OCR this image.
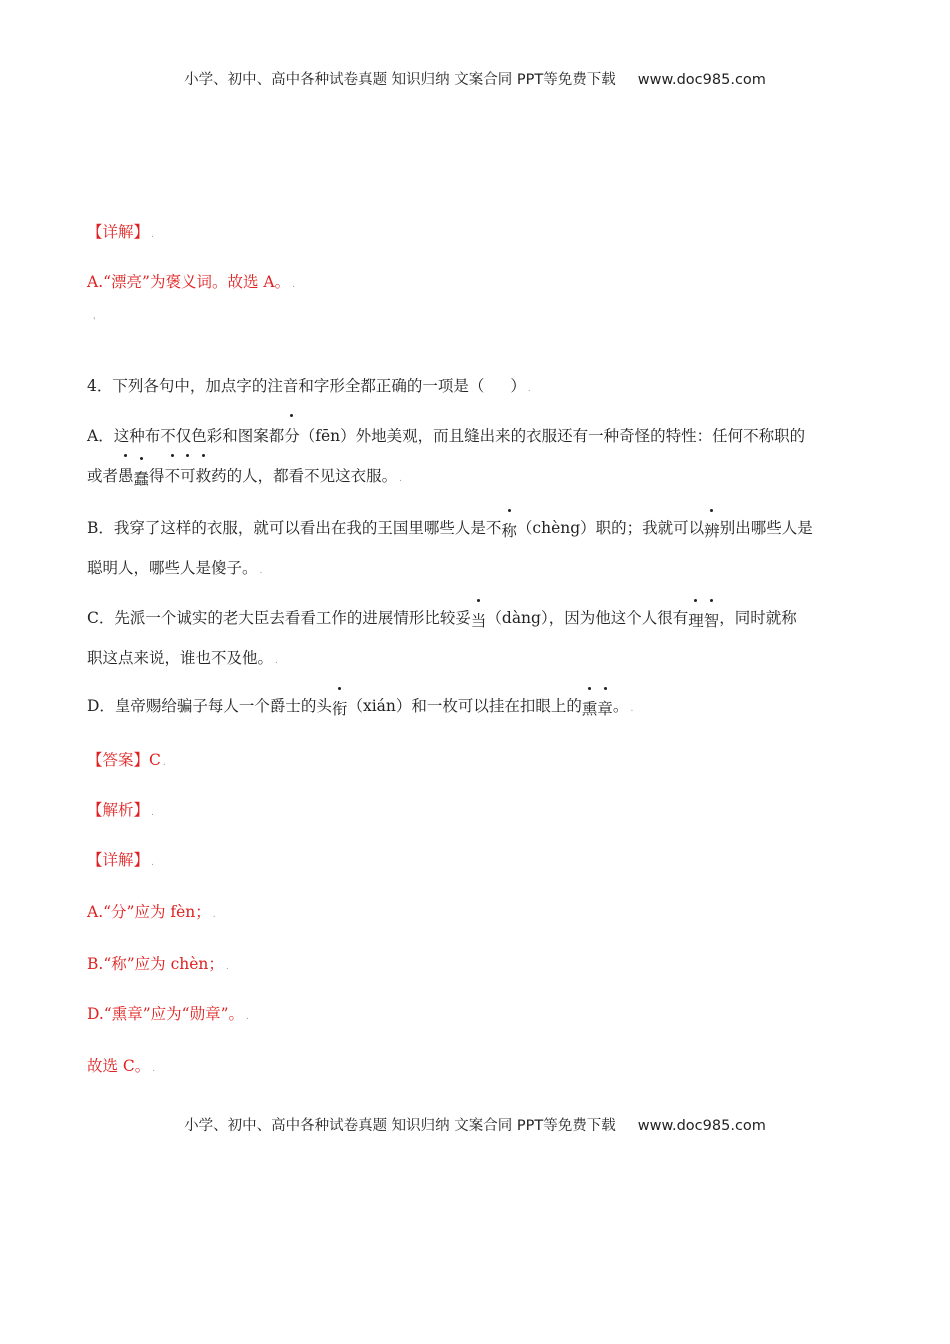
小学、初中、高中各种试卷真题 知识归纳 文案合同 PPT等免费下载 www.doc985.com
【详解】 .
A.“漂亮”为褒义词。故选 A。 .
'
4．下列各句中，加点字的注音和字形全都正确的一项是（ ） .
A．这种布不仅色彩和图案都分（fēn）外地美观，而且缝出来的衣服还有一种奇怪的特性：任何不称职的
或者愚蠢得不可救药的人，都看不见这衣服。 .
B．我穿了这样的衣服，就可以看出在我的王国里哪些人是不称（chèng）职的；我就可以辨别出哪些人是
聪明人，哪些人是傻子。 .
C．先派一个诚实的老大臣去看看工作的进展情形比较妥当（dàng），因为他这个人很有理智，同时就称
职这点来说，谁也不及他。 .
D．皇帝赐给骗子每人一个爵士的头衔（xián）和一枚可以挂在扣眼上的熏章。 .
【答案】C .
【解析】 .
【详解】 .
A.“分”应为 fèn； .
B.“称”应为 chèn； .
D.“熏章”应为“勋章”。 .
故选 C。 .
小学、初中、高中各种试卷真题 知识归纳 文案合同 PPT等免费下载 www.doc985.com
